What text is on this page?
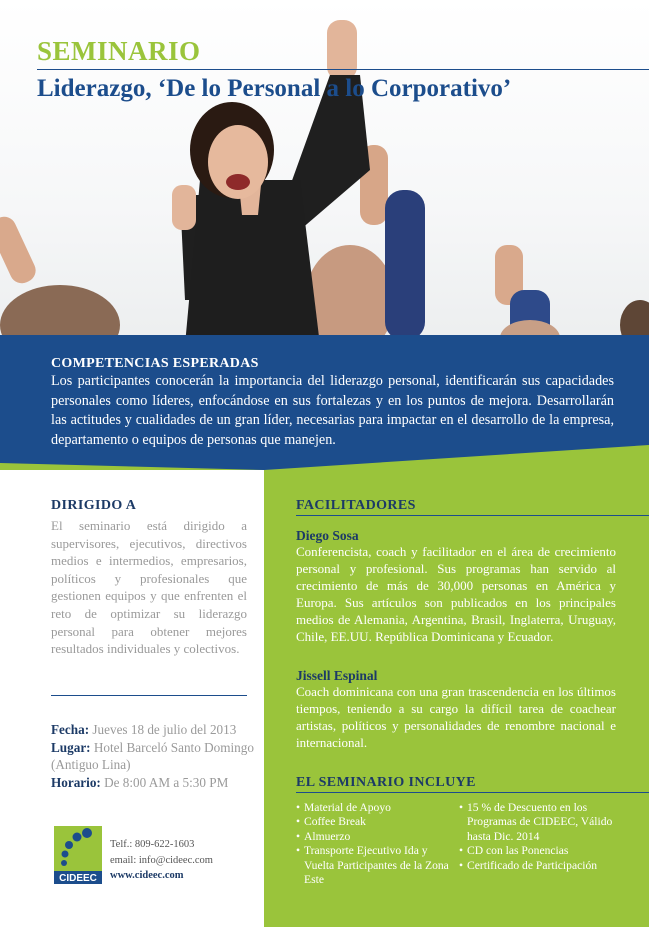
SEMINARIO
Liderazgo, ‘De lo Personal a lo Corporativo’
COMPETENCIAS ESPERADAS
Los participantes conocerán la importancia del liderazgo personal, identificarán sus capacidades personales como líderes, enfocándose en sus fortalezas y en los puntos de mejora. Desarrollarán las actitudes y cualidades de un gran líder, necesarias para impactar en el desarrollo de la empresa, departamento o equipos de personas que manejen.
DIRIGIDO A
El seminario está dirigido a supervisores, ejecutivos, directivos medios e intermedios, empresarios, políticos y profesionales que gestionen equipos y que enfrenten el reto de optimizar su liderazgo personal para obtener mejores resultados individuales y colectivos.
Fecha: Jueves 18 de julio del 2013
Lugar: Hotel Barceló Santo Domingo (Antiguo Lina)
Horario: De 8:00 AM a 5:30 PM
CIDEEC
Telf.: 809-622-1603
email: info@cideec.com
www.cideec.com
FACILITADORES
Diego Sosa
Conferencista, coach y facilitador en el área de crecimiento personal y profesional. Sus programas han servido al crecimiento de más de 30,000 personas en América y Europa. Sus artículos son publicados en los principales medios de Alemania, Argentina, Brasil, Inglaterra, Uruguay, Chile, EE.UU. República Dominicana y Ecuador.
Jissell Espinal
Coach dominicana con una gran trascendencia en los últimos tiempos, teniendo a su cargo la difícil tarea de coachear artistas, políticos y personalidades de renombre nacional e internacional.
EL SEMINARIO INCLUYE
• Material de Apoyo
• Coffee Break
• Almuerzo
• Transporte Ejecutivo Ida y Vuelta Participantes de la Zona Este
• 15 % de Descuento en los Programas de CIDEEC, Válido hasta Dic. 2014
• CD con las Ponencias
• Certificado de Participación
